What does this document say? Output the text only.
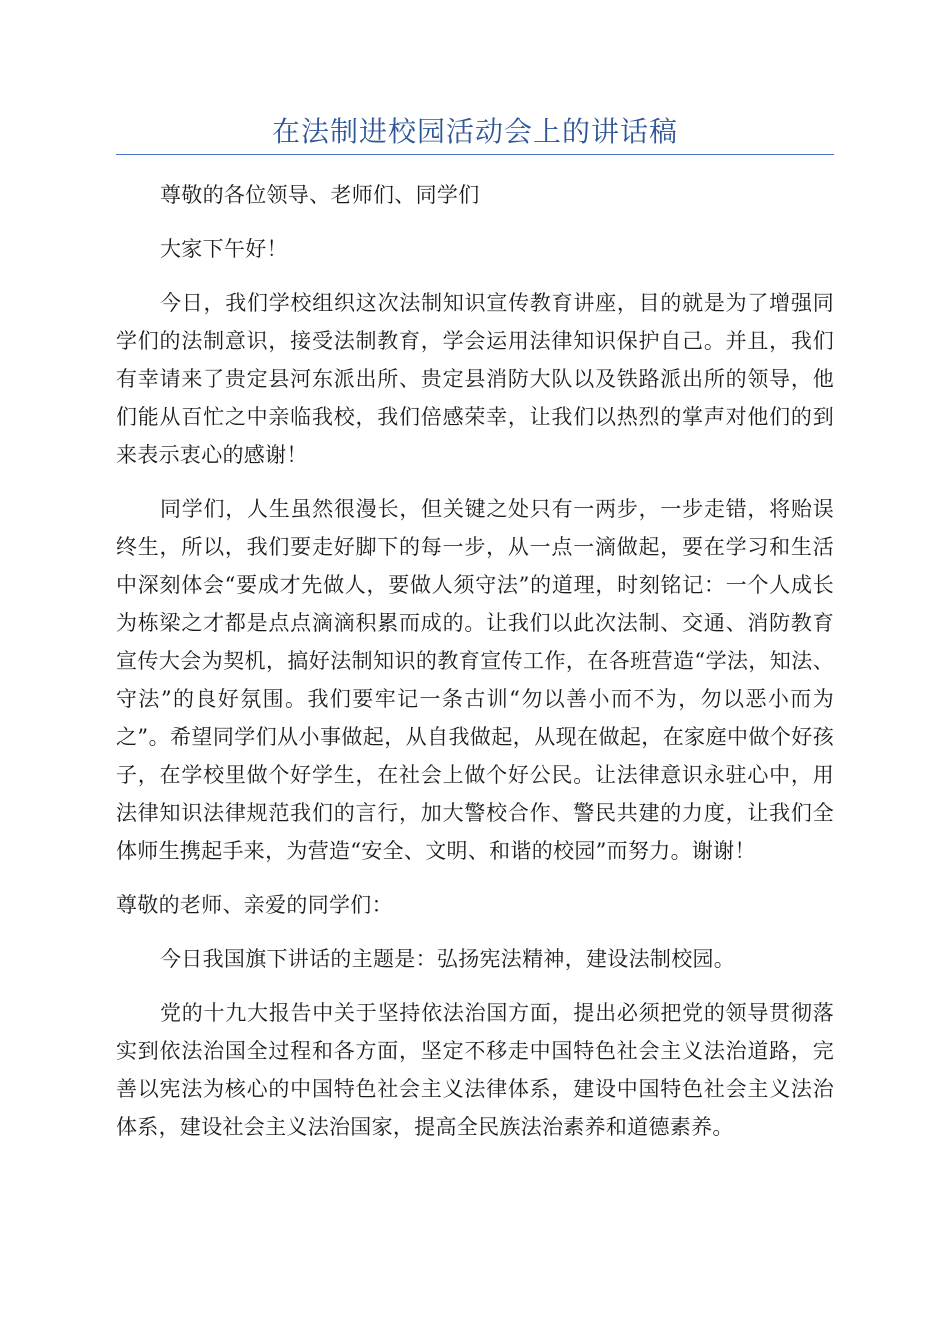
在法制进校园活动会上的讲话稿

尊敬的各位领导、老师们、同学们

大家下午好！

今日，我们学校组织这次法制知识宣传教育讲座，目的就是为了增强同学们的法制意识，接受法制教育，学会运用法律知识保护自己。并且，我们有幸请来了贵定县河东派出所、贵定县消防大队以及铁路派出所的领导，他们能从百忙之中亲临我校，我们倍感荣幸，让我们以热烈的掌声对他们的到来表示衷心的感谢！

同学们，人生虽然很漫长，但关键之处只有一两步，一步走错，将贻误终生，所以，我们要走好脚下的每一步，从一点一滴做起，要在学习和生活中深刻体会“要成才先做人，要做人须守法”的道理，时刻铭记：一个人成长为栋梁之才都是点点滴滴积累而成的。让我们以此次法制、交通、消防教育宣传大会为契机，搞好法制知识的教育宣传工作，在各班营造“学法，知法、守法”的良好氛围。我们要牢记一条古训“勿以善小而不为，勿以恶小而为之”。希望同学们从小事做起，从自我做起，从现在做起，在家庭中做个好孩子，在学校里做个好学生，在社会上做个好公民。让法律意识永驻心中，用法律知识法律规范我们的言行，加大警校合作、警民共建的力度，让我们全体师生携起手来，为营造“安全、文明、和谐的校园”而努力。谢谢！

尊敬的老师、亲爱的同学们：

今日我国旗下讲话的主题是：弘扬宪法精神，建设法制校园。

党的十九大报告中关于坚持依法治国方面，提出必须把党的领导贯彻落实到依法治国全过程和各方面，坚定不移走中国特色社会主义法治道路，完善以宪法为核心的中国特色社会主义法律体系，建设中国特色社会主义法治体系，建设社会主义法治国家，提高全民族法治素养和道德素养。
